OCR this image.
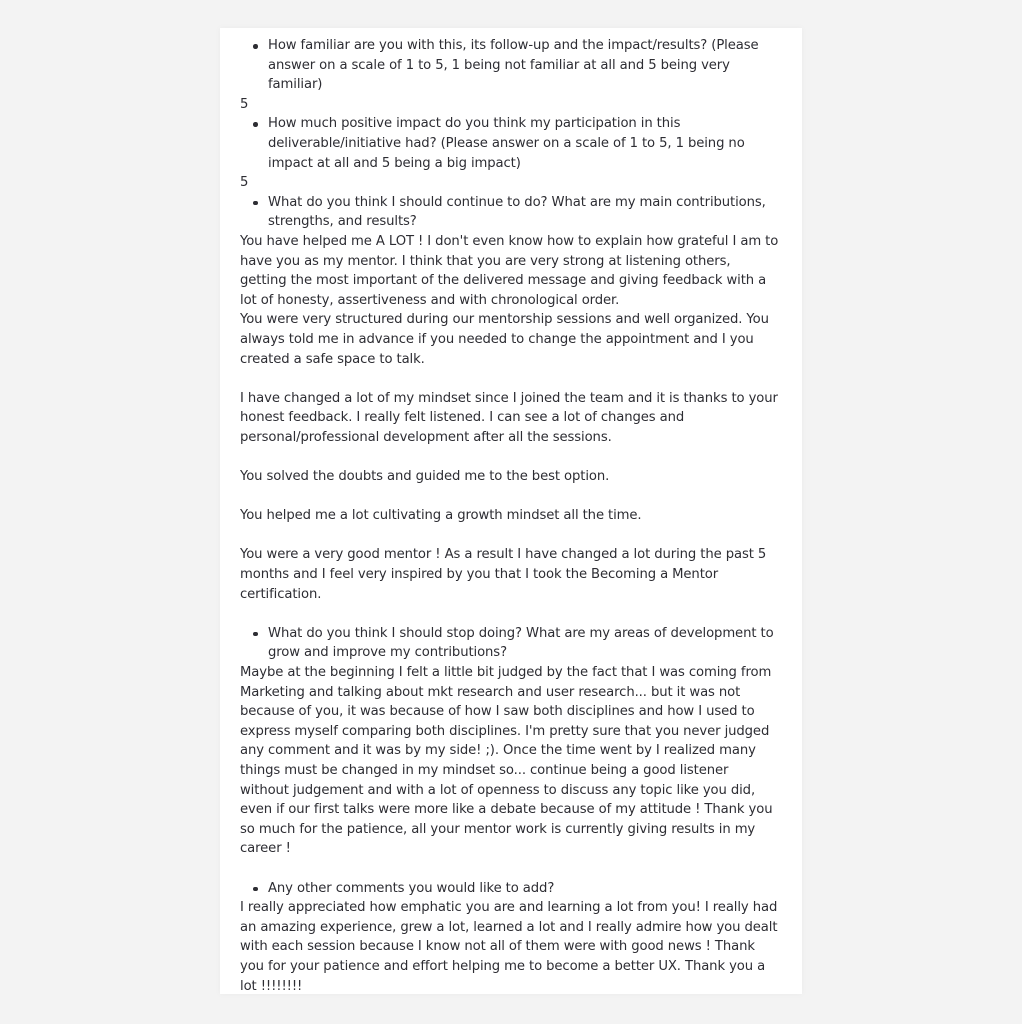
How familiar are you with this, its follow-up and the impact/results? (Please answer on a scale of 1 to 5, 1 being not familiar at all and 5 being very familiar)
5
How much positive impact do you think my participation in this deliverable/initiative had? (Please answer on a scale of 1 to 5, 1 being no impact at all and 5 being a big impact)
5
What do you think I should continue to do? What are my main contributions, strengths, and results?
You have helped me A LOT ! I don't even know how to explain how grateful I am to have you as my mentor. I think that you are very strong at listening others, getting the most important of the delivered message and giving feedback with a lot of honesty, assertiveness and with chronological order.
You were very structured during our mentorship sessions and well organized. You always told me in advance if you needed to change the appointment and I you created a safe space to talk.
I have changed a lot of my mindset since I joined the team and it is thanks to your honest feedback. I really felt listened. I can see a lot of changes and personal/professional development after all the sessions.
You solved the doubts and guided me to the best option.
You helped me a lot cultivating a growth mindset all the time.
You were a very good mentor ! As a result I have changed a lot during the past 5 months and I feel very inspired by you that I took the Becoming a Mentor certification.
What do you think I should stop doing? What are my areas of development to grow and improve my contributions?
Maybe at the beginning I felt a little bit judged by the fact that I was coming from Marketing and talking about mkt research and user research... but it was not because of you, it was because of how I saw both disciplines and how I used to express myself comparing both disciplines. I'm pretty sure that you never judged any comment and it was by my side! ;). Once the time went by I realized many things must be changed in my mindset so... continue being a good listener without judgement and with a lot of openness to discuss any topic like you did, even if our first talks were more like a debate because of my attitude ! Thank you so much for the patience, all your mentor work is currently giving results in my career !
Any other comments you would like to add?
I really appreciated how emphatic you are and learning a lot from you! I really had an amazing experience, grew a lot, learned a lot and I really admire how you dealt with each session because I know not all of them were with good news ! Thank you for your patience and effort helping me to become a better UX. Thank you a lot !!!!!!!!
